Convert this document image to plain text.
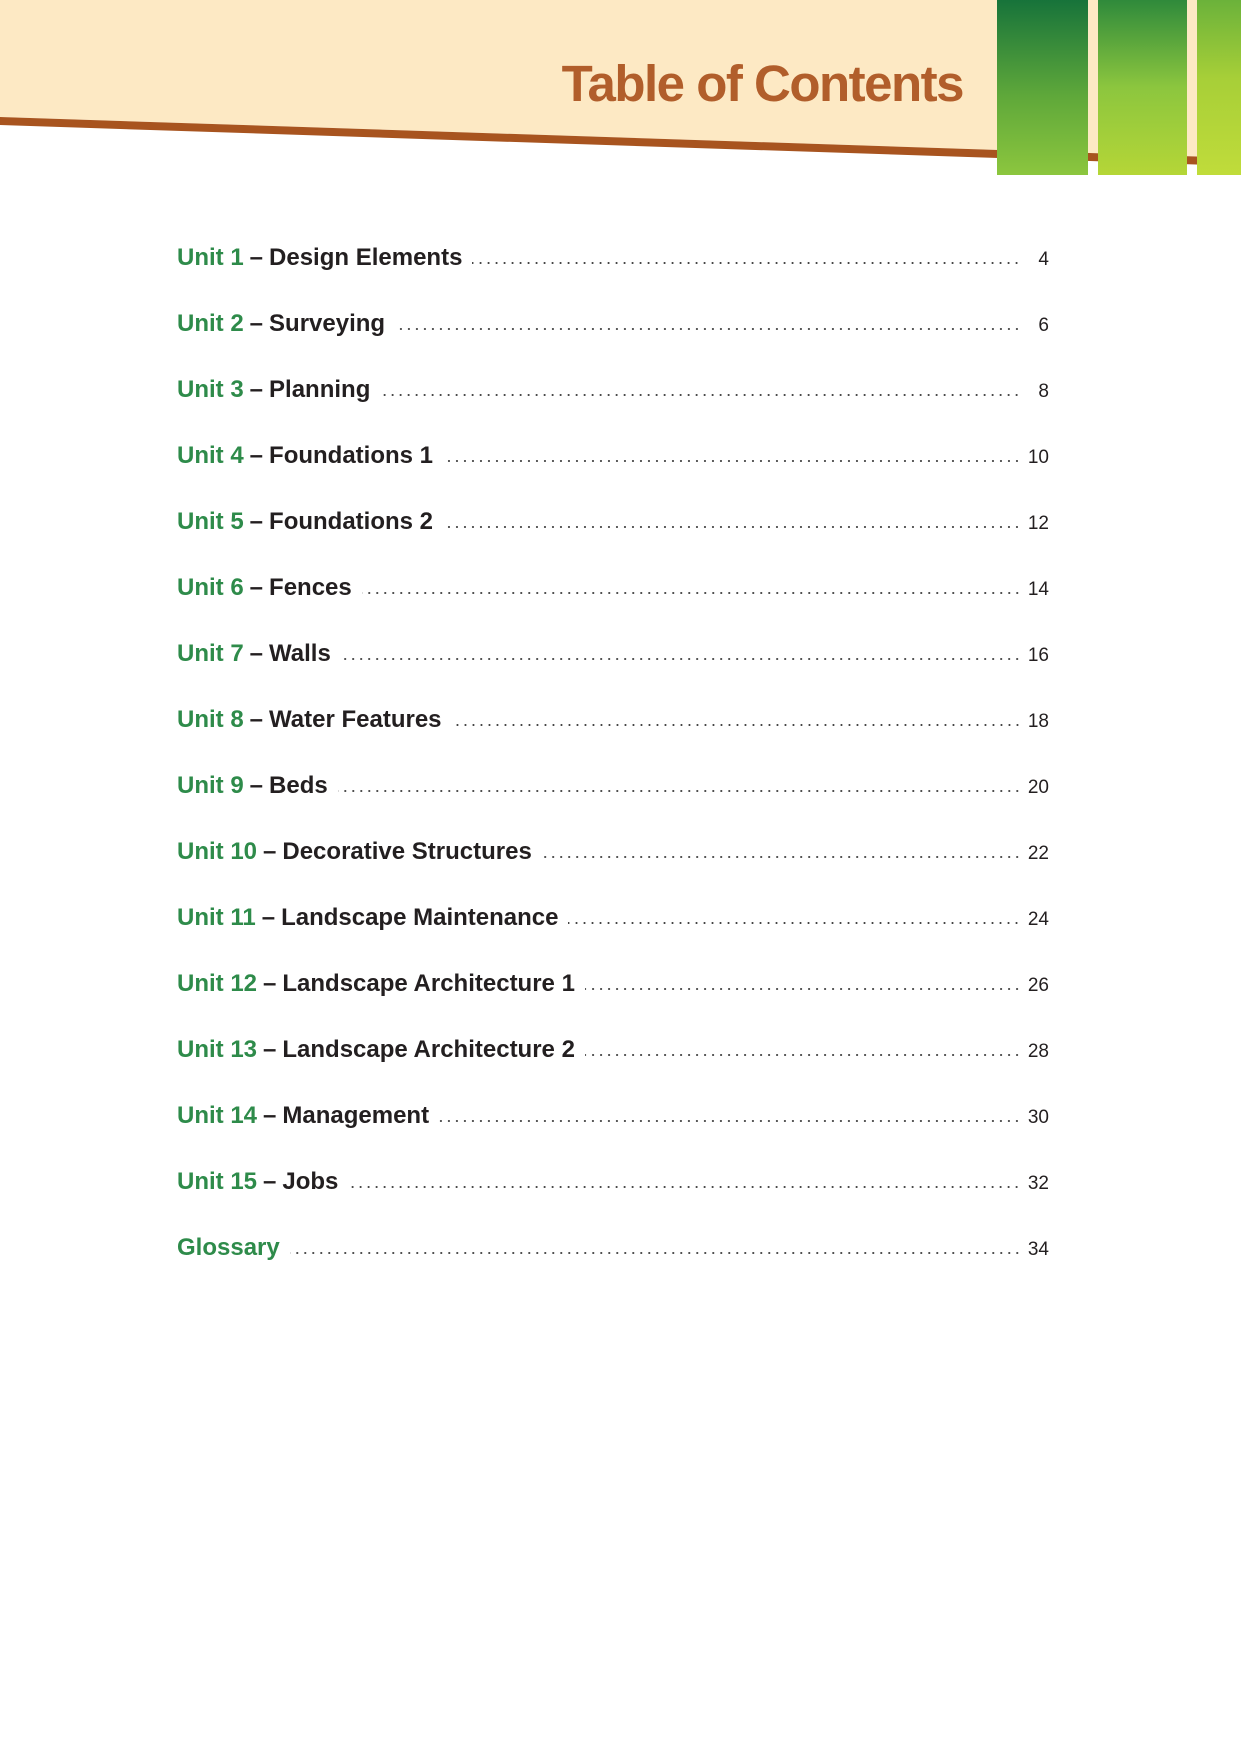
Table of Contents
Unit 1 – Design Elements	4
Unit 2 – Surveying	6
Unit 3 – Planning	8
Unit 4 – Foundations 1	10
Unit 5 – Foundations 2	12
Unit 6 – Fences	14
Unit 7 – Walls	16
Unit 8 – Water Features	18
Unit 9 – Beds	20
Unit 10 – Decorative Structures	22
Unit 11 – Landscape Maintenance	24
Unit 12 – Landscape Architecture 1	26
Unit 13 – Landscape Architecture 2	28
Unit 14 – Management	30
Unit 15 – Jobs	32
Glossary	34
